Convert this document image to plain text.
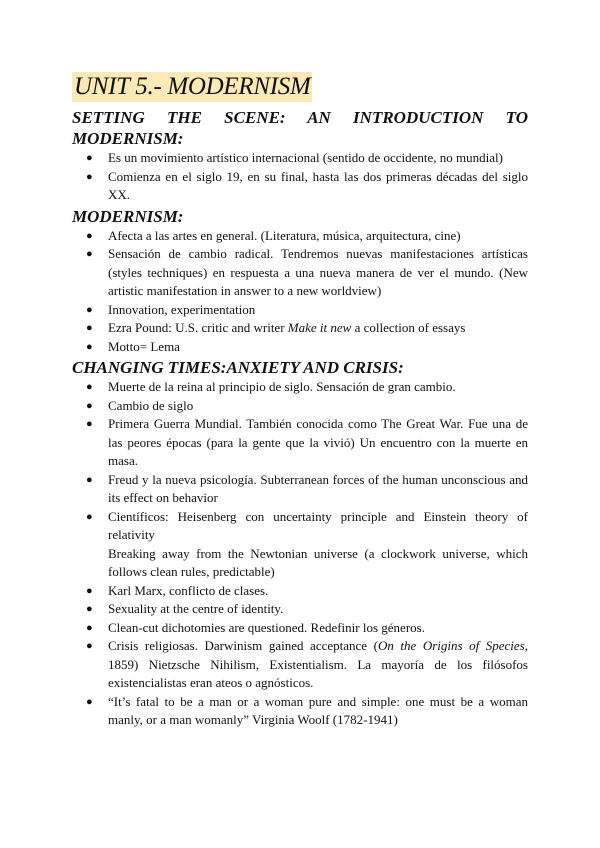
UNIT 5.- MODERNISM
SETTING THE SCENE: AN INTRODUCTION TO
MODERNISM:
● Es un movimiento artístico internacional (sentido de occidente, no mundial)
● Comienza en el siglo 19, en su final, hasta las dos primeras décadas del siglo XX.
MODERNISM:
● Afecta a las artes en general. (Literatura, música, arquitectura, cine)
● Sensación de cambio radical. Tendremos nuevas manifestaciones artísticas (styles techniques) en respuesta a una nueva manera de ver el mundo. (New artistic manifestation in answer to a new worldview)
● Innovation, experimentation
● Ezra Pound: U.S. critic and writer Make it new a collection of essays
● Motto= Lema
CHANGING TIMES:ANXIETY AND CRISIS:
● Muerte de la reina al principio de siglo. Sensación de gran cambio.
● Cambio de siglo
● Primera Guerra Mundial. También conocida como The Great War. Fue una de las peores épocas (para la gente que la vivió) Un encuentro con la muerte en masa.
● Freud y la nueva psicología. Subterranean forces of the human unconscious and its effect on behavior
● Científicos: Heisenberg con uncertainty principle and Einstein theory of relativity
Breaking away from the Newtonian universe (a clockwork universe, which follows clean rules, predictable)
● Karl Marx, conflicto de clases.
● Sexuality at the centre of identity.
● Clean-cut dichotomies are questioned. Redefinir los géneros.
● Crisis religiosas. Darwinism gained acceptance (On the Origins of Species, 1859) Nietzsche Nihilism, Existentialism. La mayoría de los filósofos existencialistas eran ateos o agnósticos.
● “It’s fatal to be a man or a woman pure and simple: one must be a woman manly, or a man womanly” Virginia Woolf (1782-1941)
